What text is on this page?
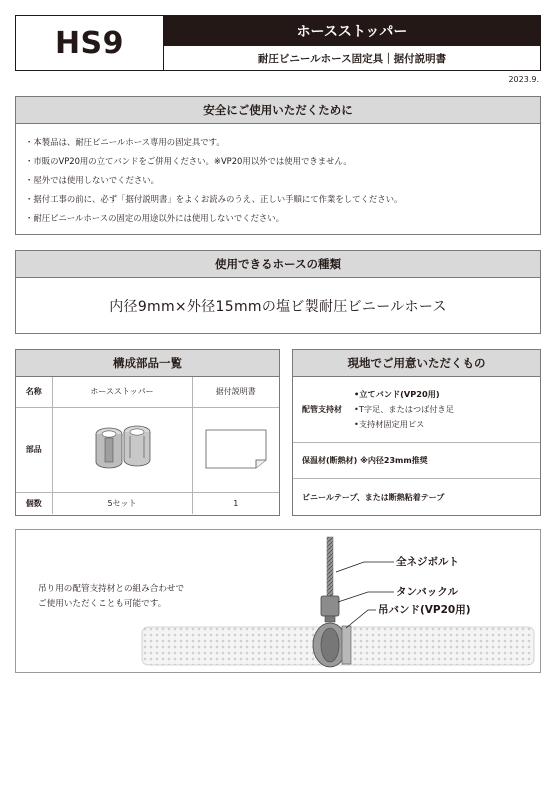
HS9	ホースストッパー
耐圧ビニールホース固定具｜据付説明書
2023.9.
安全にご使用いただくために
・本製品は、耐圧ビニールホース専用の固定具です。
・市販のVP20用の立てバンドをご併用ください。※VP20用以外では使用できません。
・屋外では使用しないでください。
・据付工事の前に、必ず「据付説明書」をよくお読みのうえ、正しい手順にて作業をしてください。
・耐圧ビニールホースの固定の用途以外には使用しないでください。
使用できるホースの種類
内径9mm×外径15mmの塩ビ製耐圧ビニールホース
構成部品一覧
名称	ホースストッパー	据付説明書
部品		
個数	5セット	1
現地でご用意いただくもの
配管支持材
•立てバンド(VP20用)
•T字足、またはつば付き足
•支持材固定用ビス
保温材(断熱材) ※内径23mm推奨
ビニールテープ、または断熱粘着テープ
吊り用の配管支持材との組み合わせで
ご使用いただくことも可能です。
全ネジボルト
タンバックル
吊バンド(VP20用)
